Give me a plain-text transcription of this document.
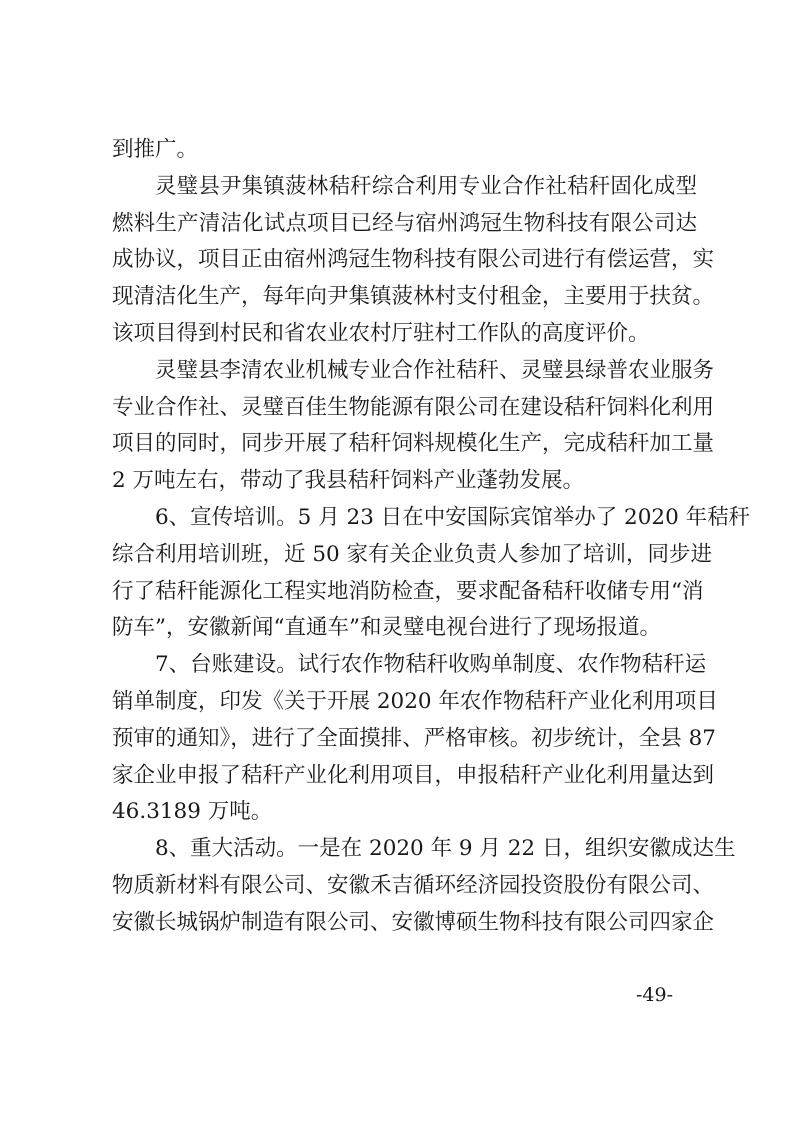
到推广。
灵璧县尹集镇菠林秸秆综合利用专业合作社秸秆固化成型
燃料生产清洁化试点项目已经与宿州鸿冠生物科技有限公司达
成协议，项目正由宿州鸿冠生物科技有限公司进行有偿运营，实
现清洁化生产，每年向尹集镇菠林村支付租金，主要用于扶贫。
该项目得到村民和省农业农村厅驻村工作队的高度评价。
灵璧县李清农业机械专业合作社秸秆、灵璧县绿普农业服务
专业合作社、灵璧百佳生物能源有限公司在建设秸秆饲料化利用
项目的同时，同步开展了秸秆饲料规模化生产，完成秸秆加工量
2 万吨左右，带动了我县秸秆饲料产业蓬勃发展。
6、宣传培训。5 月 23 日在中安国际宾馆举办了 2020 年秸秆
综合利用培训班，近 50 家有关企业负责人参加了培训，同步进
行了秸秆能源化工程实地消防检查，要求配备秸秆收储专用“消
防车”，安徽新闻“直通车”和灵璧电视台进行了现场报道。
7、台账建设。试行农作物秸秆收购单制度、农作物秸秆运
销单制度，印发《关于开展 2020 年农作物秸秆产业化利用项目
预审的通知》，进行了全面摸排、严格审核。初步统计，全县 87
家企业申报了秸秆产业化利用项目，申报秸秆产业化利用量达到
46.3189 万吨。
8、重大活动。一是在 2020 年 9 月 22 日，组织安徽成达生
物质新材料有限公司、安徽禾吉循环经济园投资股份有限公司、
安徽长城锅炉制造有限公司、安徽博硕生物科技有限公司四家企
-49-
